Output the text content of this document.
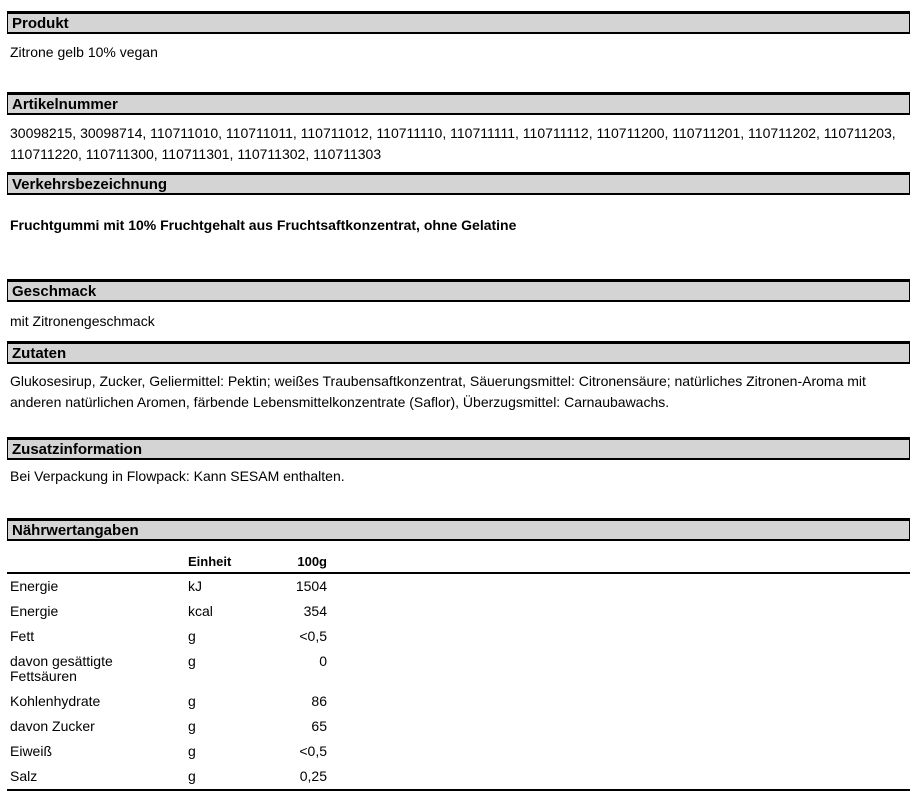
Produkt
Zitrone gelb 10% vegan
Artikelnummer
30098215, 30098714, 110711010, 110711011, 110711012, 110711110, 110711111, 110711112, 110711200, 110711201, 110711202, 110711203, 110711220, 110711300, 110711301, 110711302, 110711303
Verkehrsbezeichnung
Fruchtgummi mit 10% Fruchtgehalt aus Fruchtsaftkonzentrat, ohne Gelatine
Geschmack
mit Zitronengeschmack
Zutaten
Glukosesirup, Zucker, Geliermittel: Pektin; weißes Traubensaftkonzentrat, Säuerungsmittel: Citronensäure; natürliches Zitronen-Aroma mit anderen natürlichen Aromen, färbende Lebensmittelkonzentrate (Saflor), Überzugsmittel: Carnaubawachs.
Zusatzinformation
Bei Verpackung in Flowpack: Kann SESAM enthalten.
Nährwertangaben
	Einheit	100g	
Energie	kJ	1504	
Energie	kcal	354	
Fett	g	<0,5	
davon gesättigte Fettsäuren	g	0	
Kohlenhydrate	g	86	
davon Zucker	g	65	
Eiweiß	g	<0,5	
Salz	g	0,25	
